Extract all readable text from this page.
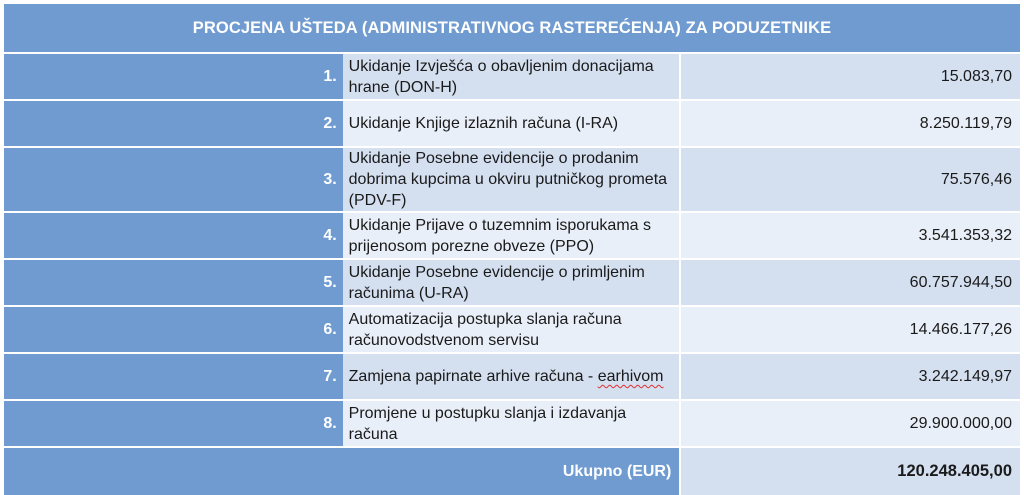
PROCJENA UŠTEDA (ADMINISTRATIVNOG RASTEREĆENJA) ZA PODUZETNIKE		
1.	Ukidanje Izvješća o obavljenim donacijama hrane (DON-H)	15.083,70
2.	Ukidanje Knjige izlaznih računa (I-RA)	8.250.119,79
3.	Ukidanje Posebne evidencije o prodanim dobrima kupcima u okviru putničkog prometa (PDV-F)	75.576,46
4.	Ukidanje Prijave o tuzemnim isporukama s prijenosom porezne obveze (PPO)	3.541.353,32
5.	Ukidanje Posebne evidencije o primljenim računima (U-RA)	60.757.944,50
6.	Automatizacija postupka slanja računa računovodstvenom servisu	14.466.177,26
7.	Zamjena papirnate arhive računa - earhivom	3.242.149,97
8.	Promjene u postupku slanja i izdavanja računa	29.900.000,00
Ukupno (EUR)		120.248.405,00
